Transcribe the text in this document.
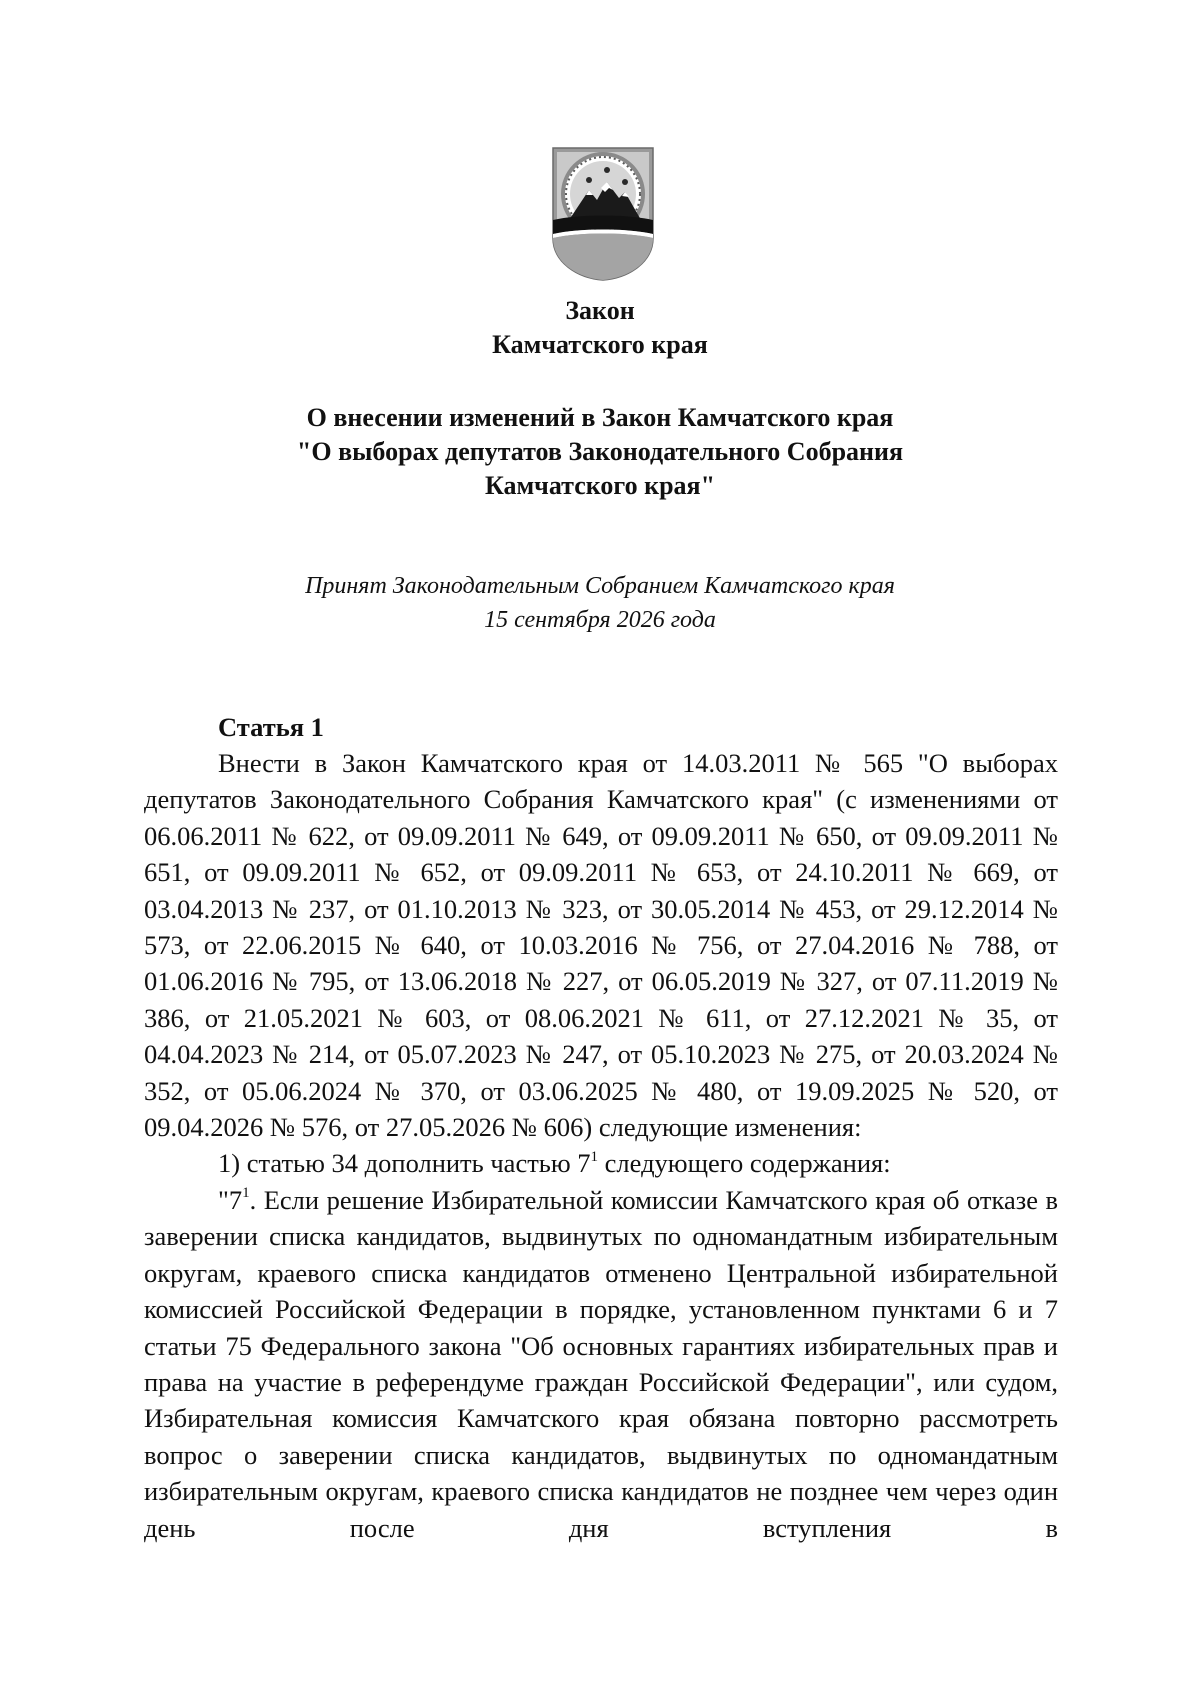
Закон
Камчатского края
О внесении изменений в Закон Камчатского края
"О выборах депутатов Законодательного Собрания
Камчатского края"
Принят Законодательным Собранием Камчатского края
15 сентября 2026 года
Статья 1

Внести в Закон Камчатского края от 14.03.2011 № 565 "О выборах депутатов Законодательного Собрания Камчатского края" (с изменениями от 06.06.2011 № 622, от 09.09.2011 № 649, от 09.09.2011 № 650, от 09.09.2011 № 651, от 09.09.2011 № 652, от 09.09.2011 № 653, от 24.10.2011 № 669, от 03.04.2013 № 237, от 01.10.2013 № 323, от 30.05.2014 № 453, от 29.12.2014 № 573, от 22.06.2015 № 640, от 10.03.2016 № 756, от 27.04.2016 № 788, от 01.06.2016 № 795, от 13.06.2018 № 227, от 06.05.2019 № 327, от 07.11.2019 № 386, от 21.05.2021 № 603, от 08.06.2021 № 611, от 27.12.2021 № 35, от 04.04.2023 № 214, от 05.07.2023 № 247, от 05.10.2023 № 275, от 20.03.2024 № 352, от 05.06.2024 № 370, от 03.06.2025 № 480, от 19.09.2025 № 520, от 09.04.2026 № 576, от 27.05.2026 № 606) следующие изменения:

1) статью 34 дополнить частью $7^1$ следующего содержания:

"$7^1$. Если решение Избирательной комиссии Камчатского края об отказе в заверении списка кандидатов, выдвинутых по одномандатным избирательным округам, краевого списка кандидатов отменено Центральной избирательной комиссией Российской Федерации в порядке, установленном пунктами 6 и 7 статьи 75 Федерального закона "Об основных гарантиях избирательных прав и права на участие в референдуме граждан Российской Федерации", или судом, Избирательная комиссия Камчатского края обязана повторно рассмотреть вопрос о заверении списка кандидатов, выдвинутых по одномандатным избирательным округам, краевого списка кандидатов не позднее чем через один день после дня вступления в
